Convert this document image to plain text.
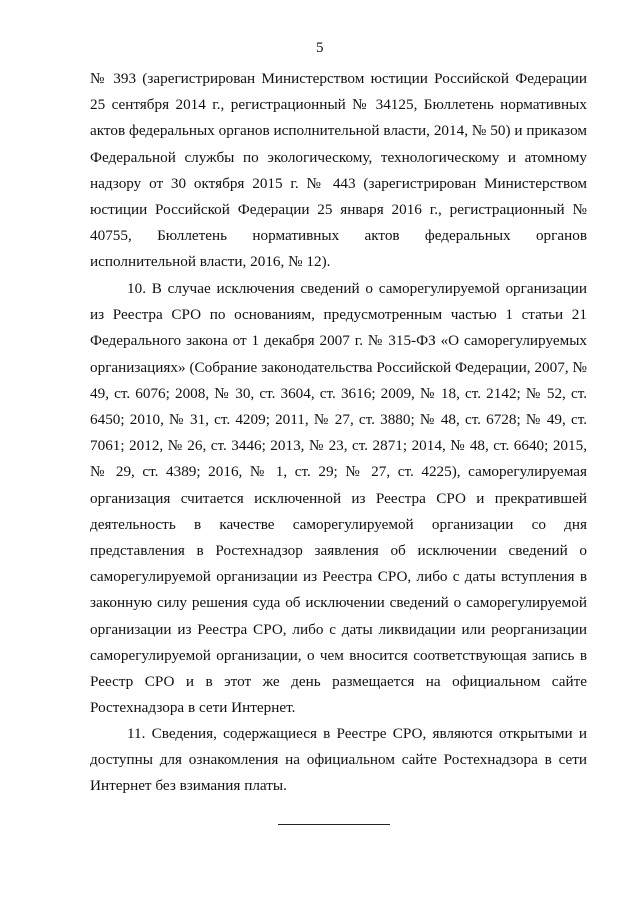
5

№ 393 (зарегистрирован Министерством юстиции Российской Федерации 25 сентября 2014 г., регистрационный № 34125, Бюллетень нормативных актов федеральных органов исполнительной власти, 2014, № 50) и приказом Федеральной службы по экологическому, технологическому и атомному надзору от 30 октября 2015 г. № 443 (зарегистрирован Министерством юстиции Российской Федерации 25 января 2016 г., регистрационный № 40755, Бюллетень нормативных актов федеральных органов исполнительной власти, 2016, № 12).

10. В случае исключения сведений о саморегулируемой организации из Реестра СРО по основаниям, предусмотренным частью 1 статьи 21 Федерального закона от 1 декабря 2007 г. № 315-ФЗ «О саморегулируемых организациях» (Собрание законодательства Российской Федерации, 2007, № 49, ст. 6076; 2008, № 30, ст. 3604, ст. 3616; 2009, № 18, ст. 2142; № 52, ст. 6450; 2010, № 31, ст. 4209; 2011, № 27, ст. 3880; № 48, ст. 6728; № 49, ст. 7061; 2012, № 26, ст. 3446; 2013, № 23, ст. 2871; 2014, № 48, ст. 6640; 2015, № 29, ст. 4389; 2016, № 1, ст. 29; № 27, ст. 4225), саморегулируемая организация считается исключенной из Реестра СРО и прекратившей деятельность в качестве саморегулируемой организации со дня представления в Ростехнадзор заявления об исключении сведений о саморегулируемой организации из Реестра СРО, либо с даты вступления в законную силу решения суда об исключении сведений о саморегулируемой организации из Реестра СРО, либо с даты ликвидации или реорганизации саморегулируемой организации, о чем вносится соответствующая запись в Реестр СРО и в этот же день размещается на официальном сайте Ростехнадзора в сети Интернет.

11. Сведения, содержащиеся в Реестре СРО, являются открытыми и доступны для ознакомления на официальном сайте Ростехнадзора в сети Интернет без взимания платы.
